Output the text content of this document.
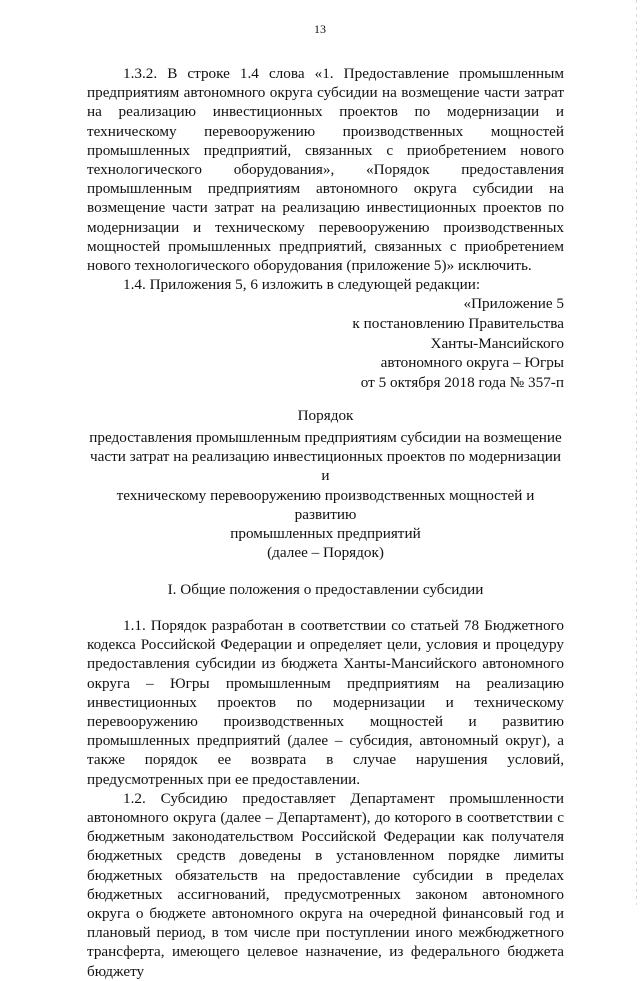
13

1.3.2. В строке 1.4 слова «1. Предоставление промышленным предприятиям автономного округа субсидии на возмещение части затрат на реализацию инвестиционных проектов по модернизации и техническому перевооружению производственных мощностей промышленных предприятий, связанных с приобретением нового технологического оборудования», «Порядок предоставления промышленным предприятиям автономного округа субсидии на возмещение части затрат на реализацию инвестиционных проектов по модернизации и техническому перевооружению производственных мощностей промышленных предприятий, связанных с приобретением нового технологического оборудования (приложение 5)» исключить.

1.4. Приложения 5, 6 изложить в следующей редакции:

«Приложение 5
к постановлению Правительства
Ханты-Мансийского
автономного округа – Югры
от 5 октября 2018 года № 357-п
Порядок
предоставления промышленным предприятиям субсидии на возмещение
части затрат на реализацию инвестиционных проектов по модернизации и
техническому перевооружению производственных мощностей и развитию
промышленных предприятий
(далее – Порядок)
I. Общие положения о предоставлении субсидии

1.1. Порядок разработан в соответствии со статьей 78 Бюджетного кодекса Российской Федерации и определяет цели, условия и процедуру предоставления субсидии из бюджета Ханты-Мансийского автономного округа – Югры промышленным предприятиям на реализацию инвестиционных проектов по модернизации и техническому перевооружению производственных мощностей и развитию промышленных предприятий (далее – субсидия, автономный округ), а также порядок ее возврата в случае нарушения условий, предусмотренных при ее предоставлении.

1.2. Субсидию предоставляет Департамент промышленности автономного округа (далее – Департамент), до которого в соответствии с бюджетным законодательством Российской Федерации как получателя бюджетных средств доведены в установленном порядке лимиты бюджетных обязательств на предоставление субсидии в пределах бюджетных ассигнований, предусмотренных законом автономного округа о бюджете автономного округа на очередной финансовый год и плановый период, в том числе при поступлении иного межбюджетного трансферта, имеющего целевое назначение, из федерального бюджета бюджету
